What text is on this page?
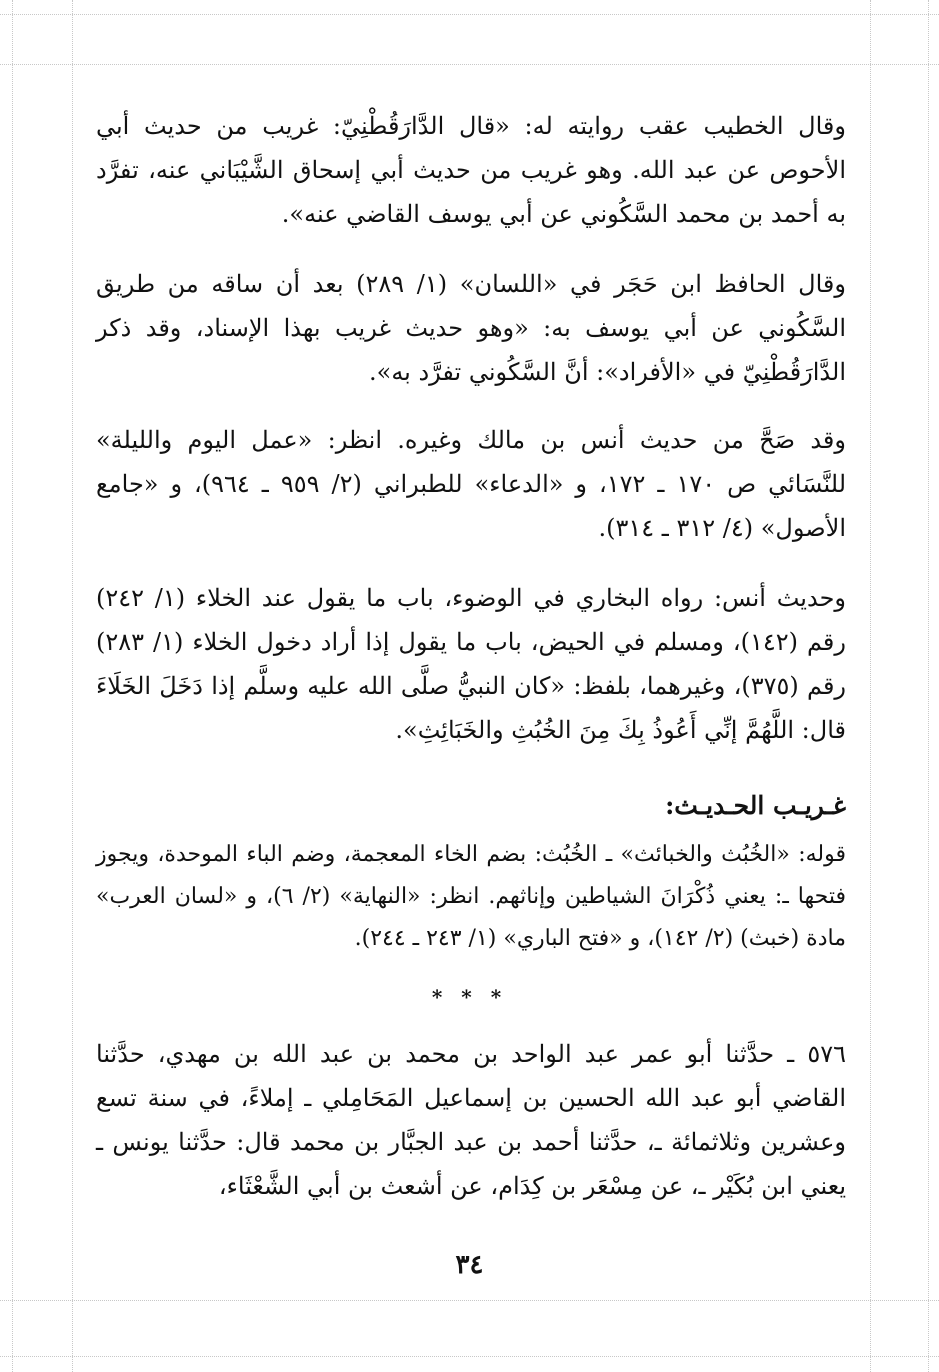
وقال الخطيب عقب روايته له: «قال الدَّارَقُطْنِيّ: غريب من حديث أبي الأحوص عن عبد الله. وهو غريب من حديث أبي إسحاق الشَّيْبَاني عنه، تفرَّد به أحمد بن محمد السَّكُوني عن أبي يوسف القاضي عنه».

وقال الحافظ ابن حَجَر في «اللسان» (١/ ٢٨٩) بعد أن ساقه من طريق السَّكُوني عن أبي يوسف به: «وهو حديث غريب بهذا الإسناد، وقد ذكر الدَّارَقُطْنِيّ في «الأفراد»: أنَّ السَّكُوني تفرَّد به».

وقد صَحَّ من حديث أنس بن مالك وغيره. انظر: «عمل اليوم والليلة» للنَّسَائي ص ١٧٠ ـ ١٧٢، و «الدعاء» للطبراني (٢/ ٩٥٩ ـ ٩٦٤)، و «جامع الأصول» (٤/ ٣١٢ ـ ٣١٤).

وحديث أنس: رواه البخاري في الوضوء، باب ما يقول عند الخلاء (١/ ٢٤٢) رقم (١٤٢)، ومسلم في الحيض، باب ما يقول إذا أراد دخول الخلاء (١/ ٢٨٣) رقم (٣٧٥)، وغيرهما، بلفظ: «كان النبيُّ صلَّى الله عليه وسلَّم إذا دَخَلَ الخَلَاءَ قال: اللَّهُمَّ إنِّي أَعُوذُ بِكَ مِنَ الخُبُثِ والخَبَائِثِ».

غـريـب الحـديـث:

قوله: «الخُبُث والخبائث» ـ الخُبُث: بضم الخاء المعجمة، وضم الباء الموحدة، ويجوز فتحها ـ: يعني ذُكْرَانَ الشياطين وإناثهم. انظر: «النهاية» (٢/ ٦)، و «لسان العرب» مادة (خبث) (٢/ ١٤٢)، و «فتح الباري» (١/ ٢٤٣ ـ ٢٤٤).

* * *

٥٧٦ ـ حدَّثنا أبو عمر عبد الواحد بن محمد بن عبد الله بن مهدي، حدَّثنا القاضي أبو عبد الله الحسين بن إسماعيل المَحَامِلي ـ إملاءً، في سنة تسع وعشرين وثلاثمائة ـ، حدَّثنا أحمد بن عبد الجبَّار بن محمد قال: حدَّثنا يونس ـ يعني ابن بُكَيْر ـ، عن مِسْعَر بن كِدَام، عن أشعث بن أبي الشَّعْثَاء،

٣٤
